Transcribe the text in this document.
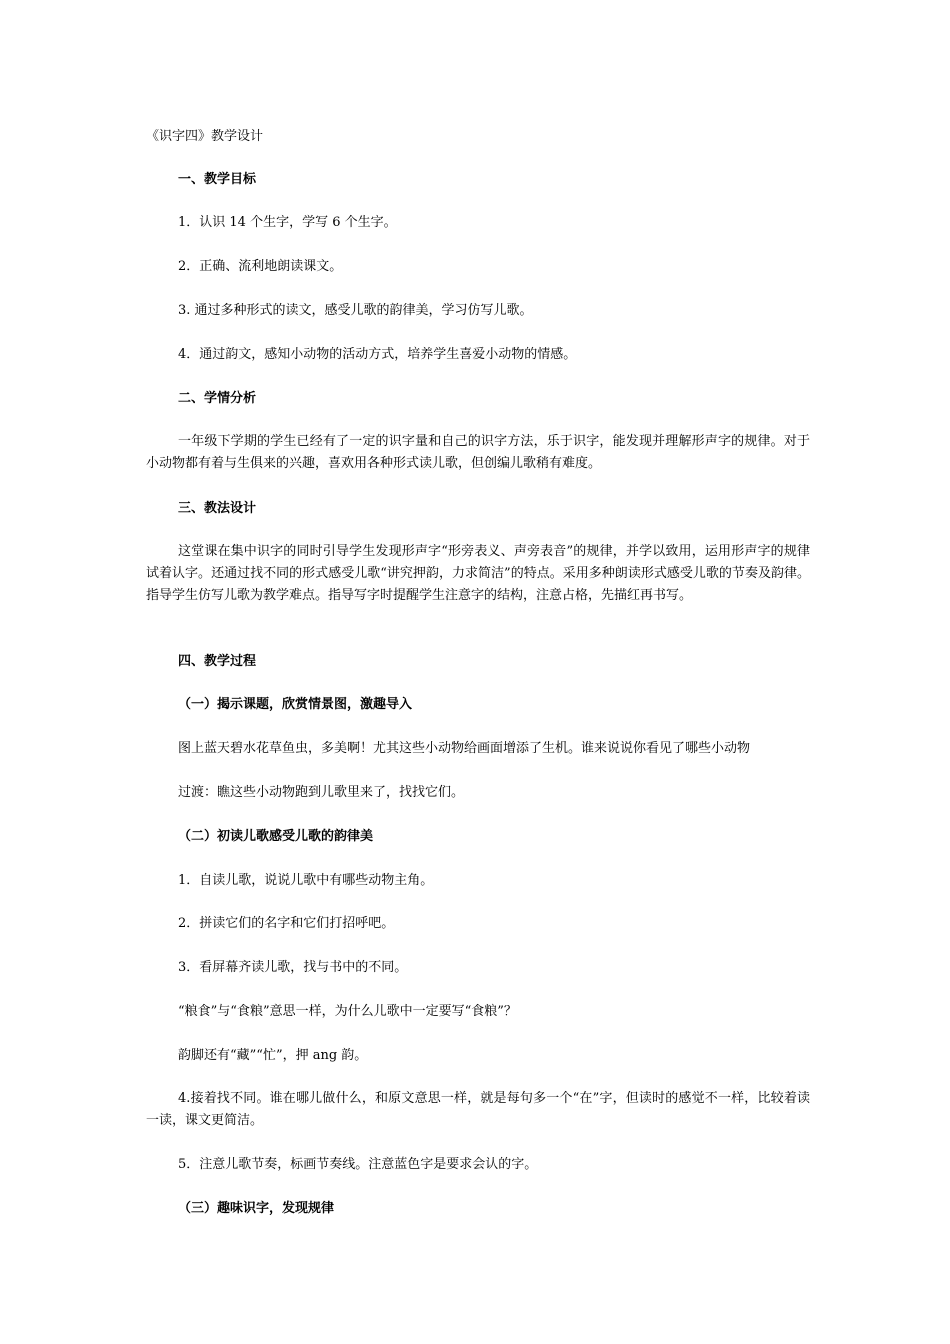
《识字四》教学设计
一、教学目标
1．认识 14 个生字，学写 6 个生字。
2．正确、流利地朗读课文。
3. 通过多种形式的读文，感受儿歌的韵律美，学习仿写儿歌。
4．通过韵文，感知小动物的活动方式，培养学生喜爱小动物的情感。
二、学情分析
一年级下学期的学生已经有了一定的识字量和自己的识字方法，乐于识字，能发现并理解形声字的规律。对于小动物都有着与生俱来的兴趣，喜欢用各种形式读儿歌，但创编儿歌稍有难度。
三、教法设计
这堂课在集中识字的同时引导学生发现形声字“形旁表义、声旁表音”的规律，并学以致用，运用形声字的规律试着认字。还通过找不同的形式感受儿歌“讲究押韵，力求简洁”的特点。采用多种朗读形式感受儿歌的节奏及韵律。指导学生仿写儿歌为教学难点。指导写字时提醒学生注意字的结构，注意占格，先描红再书写。
四、教学过程
（一）揭示课题，欣赏情景图，激趣导入
图上蓝天碧水花草鱼虫，多美啊！尤其这些小动物给画面增添了生机。谁来说说你看见了哪些小动物
过渡：瞧这些小动物跑到儿歌里来了，找找它们。
（二）初读儿歌感受儿歌的韵律美
1．自读儿歌，说说儿歌中有哪些动物主角。
2．拼读它们的名字和它们打招呼吧。
3．看屏幕齐读儿歌，找与书中的不同。
“粮食”与“食粮”意思一样，为什么儿歌中一定要写“食粮”？
韵脚还有“藏”“忙”，押 ang 韵。
4.接着找不同。谁在哪儿做什么，和原文意思一样，就是每句多一个“在”字，但读时的感觉不一样，比较着读一读，课文更简洁。
5．注意儿歌节奏，标画节奏线。注意蓝色字是要求会认的字。
（三）趣味识字，发现规律
